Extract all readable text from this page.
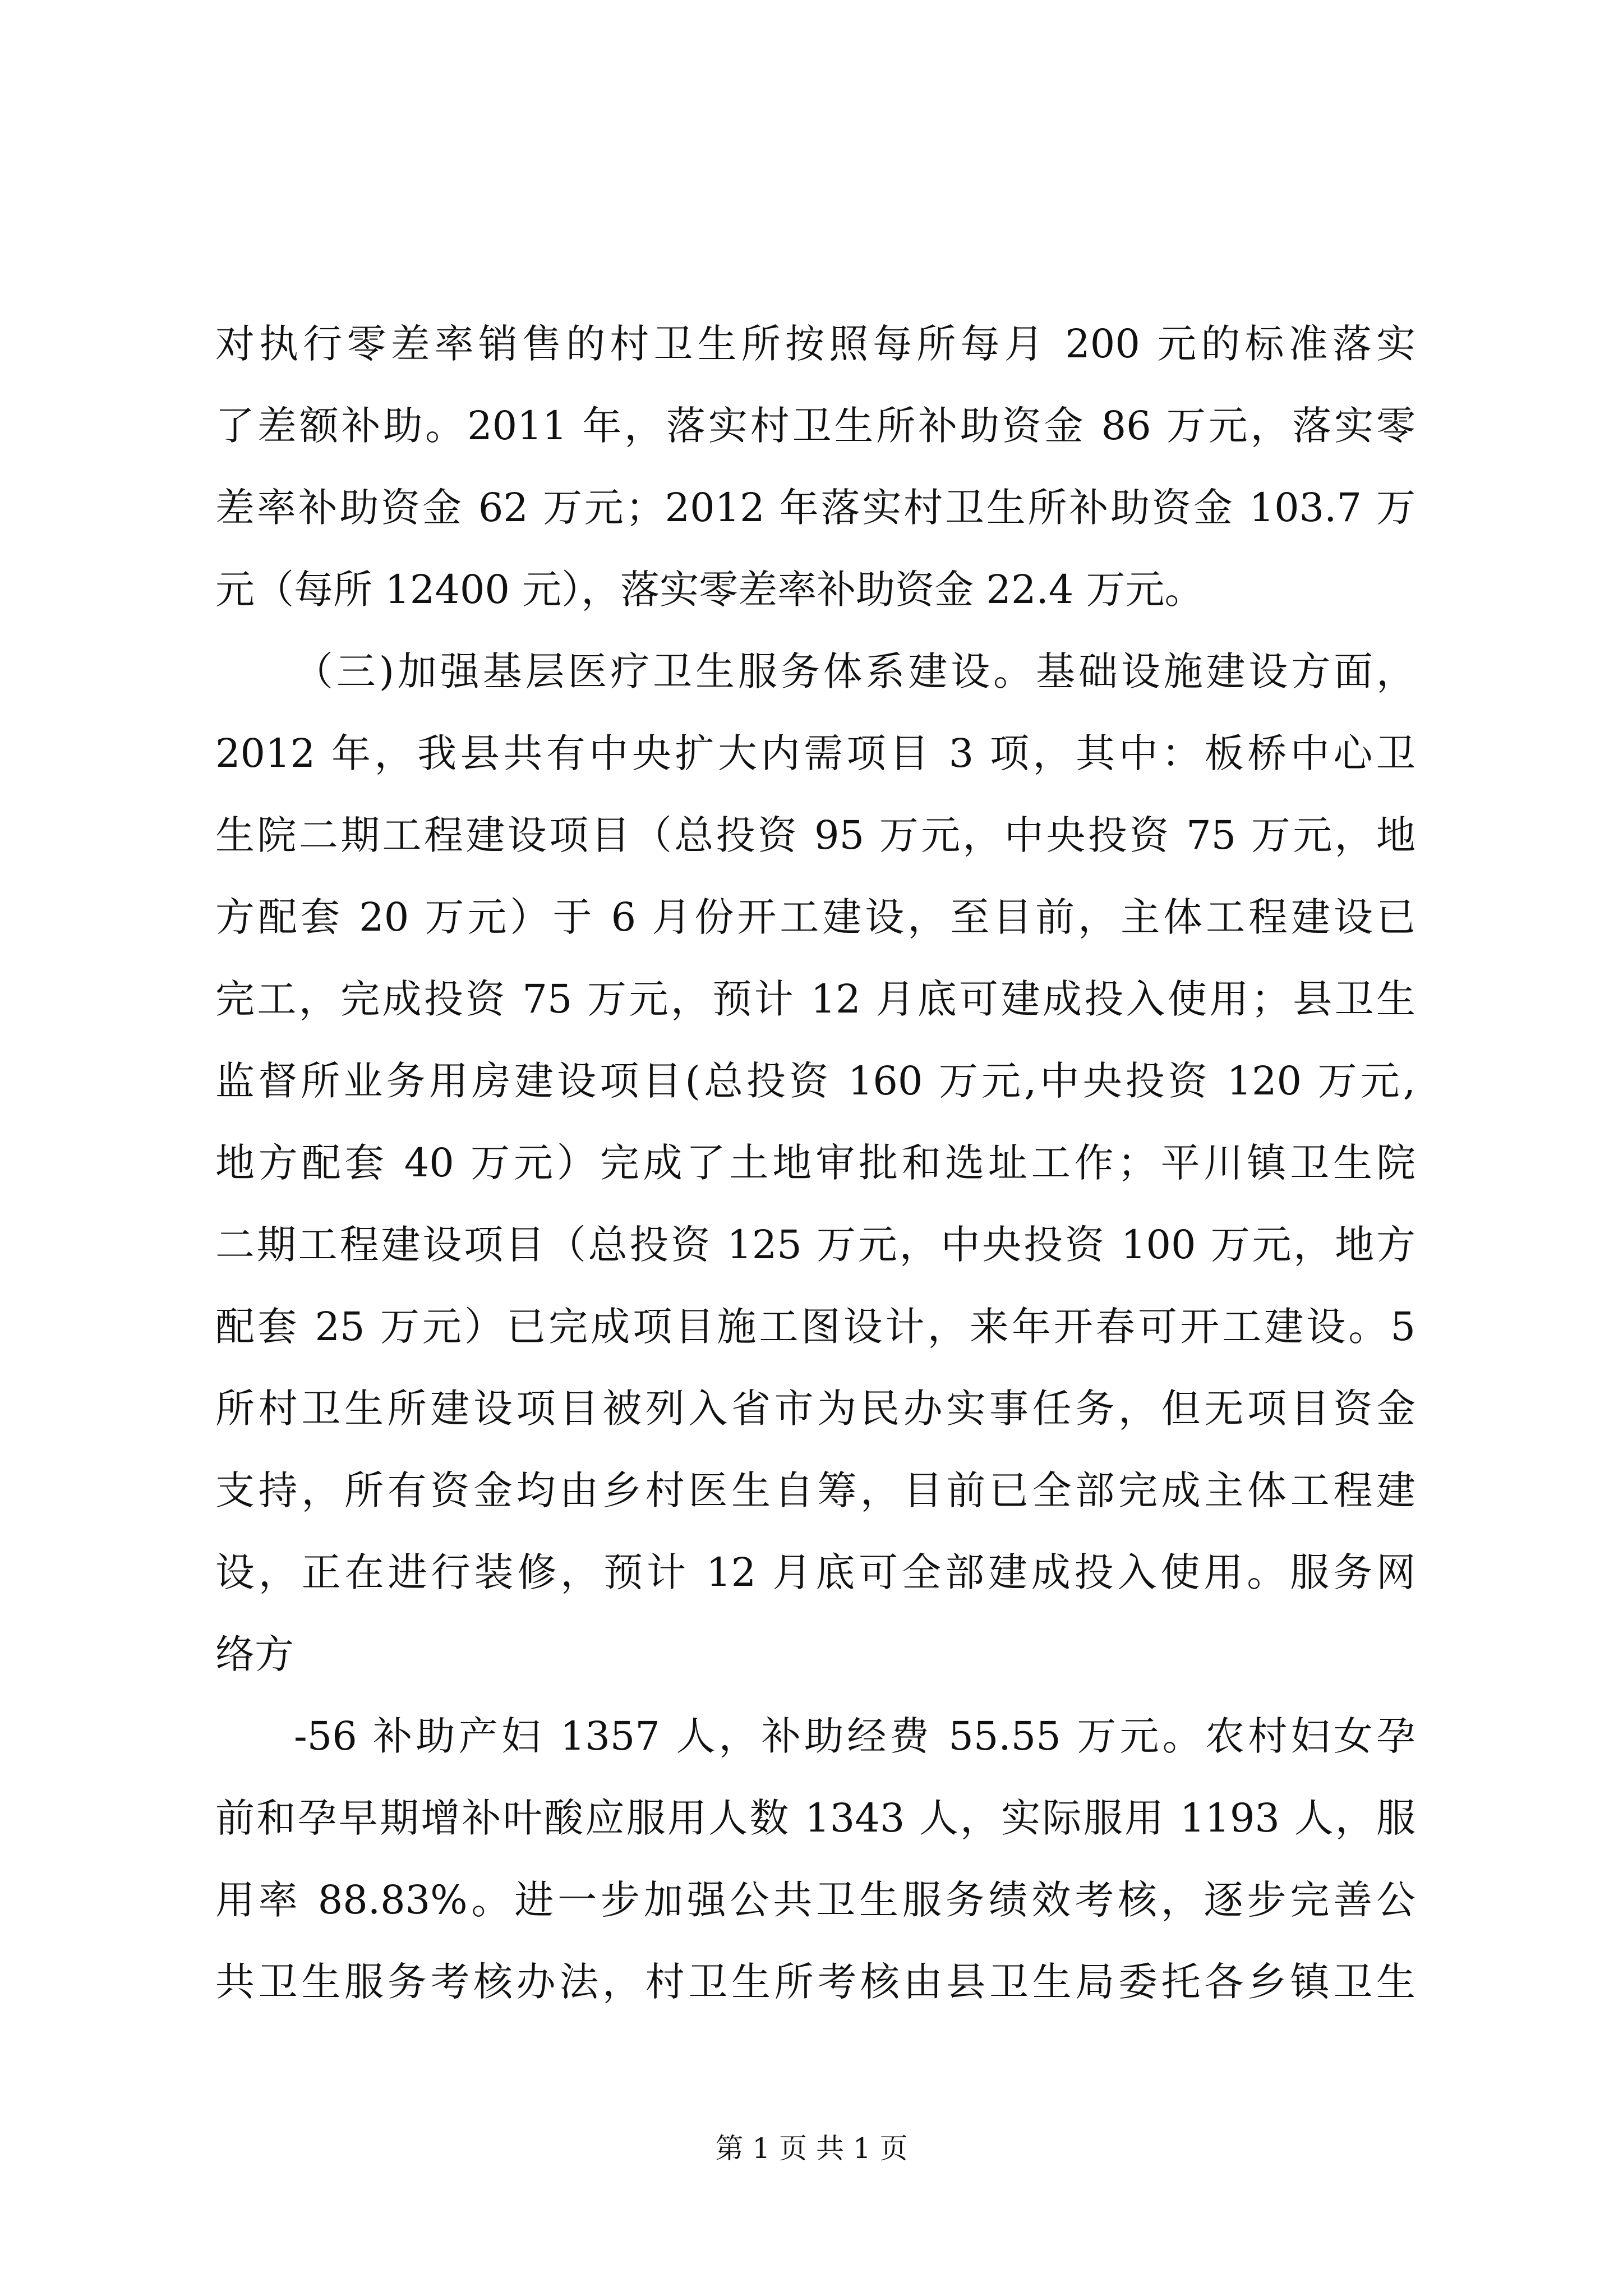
对执行零差率销售的村卫生所按照每所每月 200 元的标准落实
了差额补助。2011 年，落实村卫生所补助资金 86 万元，落实零
差率补助资金 62 万元；2012 年落实村卫生所补助资金 103.7 万
元（每所 12400 元），落实零差率补助资金 22.4 万元。
（三)加强基层医疗卫生服务体系建设。基础设施建设方面，
2012 年，我县共有中央扩大内需项目 3 项，其中：板桥中心卫
生院二期工程建设项目（总投资 95 万元，中央投资 75 万元，地
方配套 20 万元）于 6 月份开工建设，至目前，主体工程建设已
完工，完成投资 75 万元，预计 12 月底可建成投入使用；县卫生
监督所业务用房建设项目(总投资 160 万元,中央投资 120 万元,
地方配套 40 万元）完成了土地审批和选址工作；平川镇卫生院
二期工程建设项目（总投资 125 万元，中央投资 100 万元，地方
配套 25 万元）已完成项目施工图设计，来年开春可开工建设。5
所村卫生所建设项目被列入省市为民办实事任务，但无项目资金
支持，所有资金均由乡村医生自筹，目前已全部完成主体工程建
设，正在进行装修，预计 12 月底可全部建成投入使用。服务网
络方
-56 补助产妇 1357 人，补助经费 55.55 万元。农村妇女孕
前和孕早期增补叶酸应服用人数 1343 人，实际服用 1193 人，服
用率 88.83%。进一步加强公共卫生服务绩效考核，逐步完善公
共卫生服务考核办法，村卫生所考核由县卫生局委托各乡镇卫生
第 1 页 共 1 页
